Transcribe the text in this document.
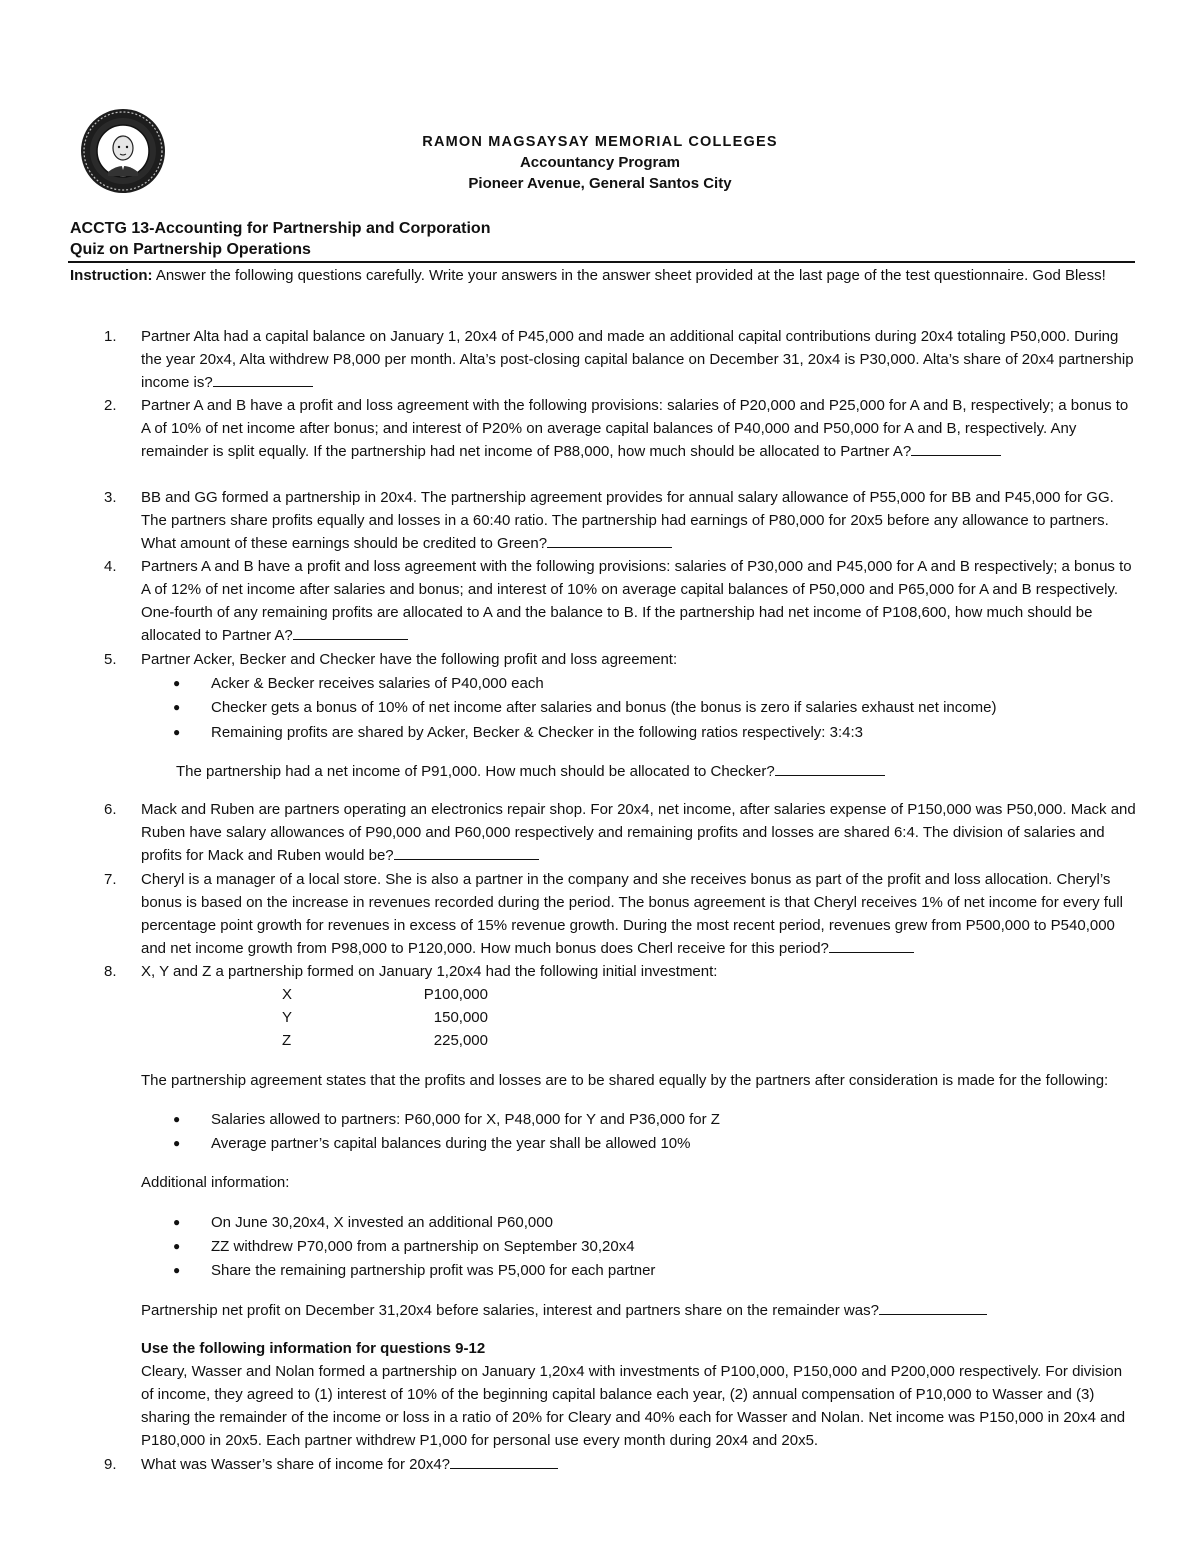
RAMON MAGSAYSAY MEMORIAL COLLEGES
Accountancy Program
Pioneer Avenue, General Santos City
ACCTG 13-Accounting for Partnership and Corporation
Quiz on Partnership Operations
Instruction: Answer the following questions carefully. Write your answers in the answer sheet provided at the last page of the test questionnaire. God Bless!
1.	Partner Alta had a capital balance on January 1, 20x4 of P45,000 and made an additional capital contributions during 20x4 totaling P50,000. During the year 20x4, Alta withdrew P8,000 per month. Alta’s post-closing capital balance on December 31, 20x4 is P30,000. Alta’s share of 20x4 partnership income is?
2.	Partner A and B have a profit and loss agreement with the following provisions: salaries of P20,000 and P25,000 for A and B, respectively; a bonus to A of 10% of net income after bonus; and interest of P20% on average capital balances of P40,000 and P50,000 for A and B, respectively. Any remainder is split equally. If the partnership had net income of P88,000, how much should be allocated to Partner A?
3.	BB and GG formed a partnership in 20x4. The partnership agreement provides for annual salary allowance of P55,000 for BB and P45,000 for GG. The partners share profits equally and losses in a 60:40 ratio. The partnership had earnings of P80,000 for 20x5 before any allowance to partners. What amount of these earnings should be credited to Green?
4.	Partners A and B have a profit and loss agreement with the following provisions: salaries of P30,000 and P45,000 for A and B respectively; a bonus to A of 12% of net income after salaries and bonus; and interest of 10% on average capital balances of P50,000 and P65,000 for A and B respectively. One-fourth of any remaining profits are allocated to A and the balance to B. If the partnership had net income of P108,600, how much should be allocated to Partner A?
5.	Partner Acker, Becker and Checker have the following profit and loss agreement:
● Acker & Becker receives salaries of P40,000 each
● Checker gets a bonus of 10% of net income after salaries and bonus (the bonus is zero if salaries exhaust net income)
● Remaining profits are shared by Acker, Becker & Checker in the following ratios respectively: 3:4:3
The partnership had a net income of P91,000. How much should be allocated to Checker?
6.	Mack and Ruben are partners operating an electronics repair shop. For 20x4, net income, after salaries expense of P150,000 was P50,000. Mack and Ruben have salary allowances of P90,000 and P60,000 respectively and remaining profits and losses are shared 6:4. The division of salaries and profits for Mack and Ruben would be?
7.	Cheryl is a manager of a local store. She is also a partner in the company and she receives bonus as part of the profit and loss allocation. Cheryl’s bonus is based on the increase in revenues recorded during the period. The bonus agreement is that Cheryl receives 1% of net income for every full percentage point growth for revenues in excess of 15% revenue growth. During the most recent period, revenues grew from P500,000 to P540,000 and net income growth from P98,000 to P120,000. How much bonus does Cherl receive for this period?
8.	X, Y and Z a partnership formed on January 1,20x4 had the following initial investment:
X	P100,000
Y	150,000
Z	225,000
The partnership agreement states that the profits and losses are to be shared equally by the partners after consideration is made for the following:
● Salaries allowed to partners: P60,000 for X, P48,000 for Y and P36,000 for Z
● Average partner’s capital balances during the year shall be allowed 10%
Additional information:
● On June 30,20x4, X invested an additional P60,000
● ZZ withdrew P70,000 from a partnership on September 30,20x4
● Share the remaining partnership profit was P5,000 for each partner
Partnership net profit on December 31,20x4 before salaries, interest and partners share on the remainder was?
Use the following information for questions 9-12
Cleary, Wasser and Nolan formed a partnership on January 1,20x4 with investments of P100,000, P150,000 and P200,000 respectively. For division of income, they agreed to (1) interest of 10% of the beginning capital balance each year, (2) annual compensation of P10,000 to Wasser and (3) sharing the remainder of the income or loss in a ratio of 20% for Cleary and 40% each for Wasser and Nolan. Net income was P150,000 in 20x4 and P180,000 in 20x5. Each partner withdrew P1,000 for personal use every month during 20x4 and 20x5.
9.	What was Wasser’s share of income for 20x4?
